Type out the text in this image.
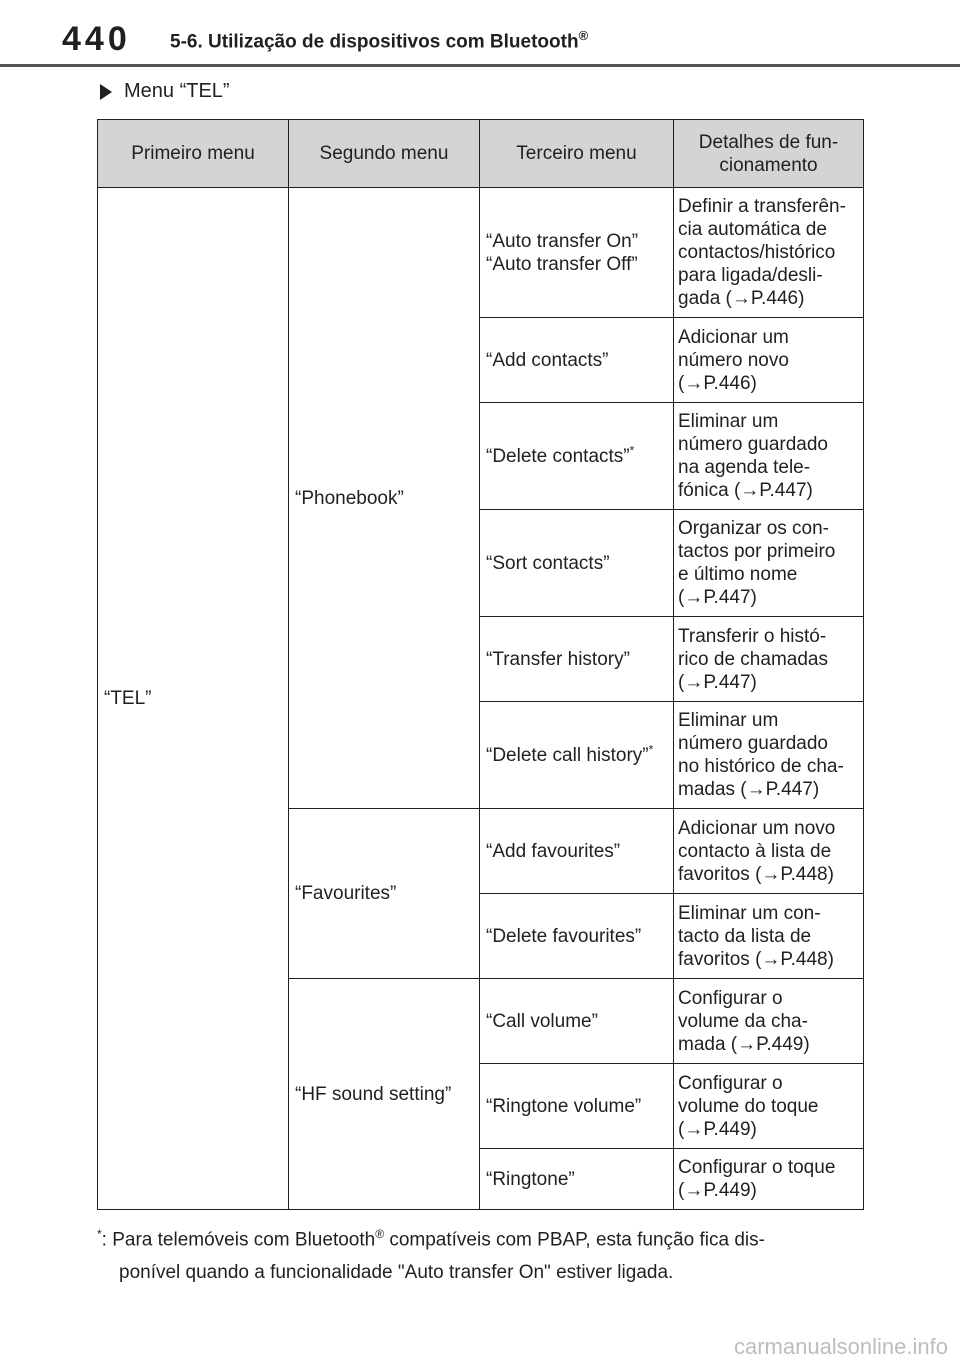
440 5-6. Utilização de dispositivos com Bluetooth®
Menu “TEL”
Primeiro menu	Segundo menu	Terceiro menu	Detalhes de fun-
cionamento
“TEL”	“Phonebook”	“Auto transfer On”
“Auto transfer Off”	Definir a transferên-
cia automática de
contactos/histórico
para ligada/desli-
gada (→P.446)
		“Add contacts”	Adicionar um
número novo
(→P.446)
		“Delete contacts”*	Eliminar um
número guardado
na agenda tele-
fónica (→P.447)
		“Sort contacts”	Organizar os con-
tactos por primeiro
e último nome
(→P.447)
		“Transfer history”	Transferir o histó-
rico de chamadas
(→P.447)
		“Delete call history”*	Eliminar um
número guardado
no histórico de cha-
madas (→P.447)
	“Favourites”	“Add favourites”	Adicionar um novo
contacto à lista de
favoritos (→P.448)
		“Delete favourites”	Eliminar um con-
tacto da lista de
favoritos (→P.448)
	“HF sound setting”	“Call volume”	Configurar o
volume da cha-
mada (→P.449)
		“Ringtone volume”	Configurar o
volume do toque
(→P.449)
		“Ringtone”	Configurar o toque
(→P.449)
*: Para telemóveis com Bluetooth® compatíveis com PBAP, esta função fica dis-
ponível quando a funcionalidade "Auto transfer On" estiver ligada.
carmanualsonline.info
